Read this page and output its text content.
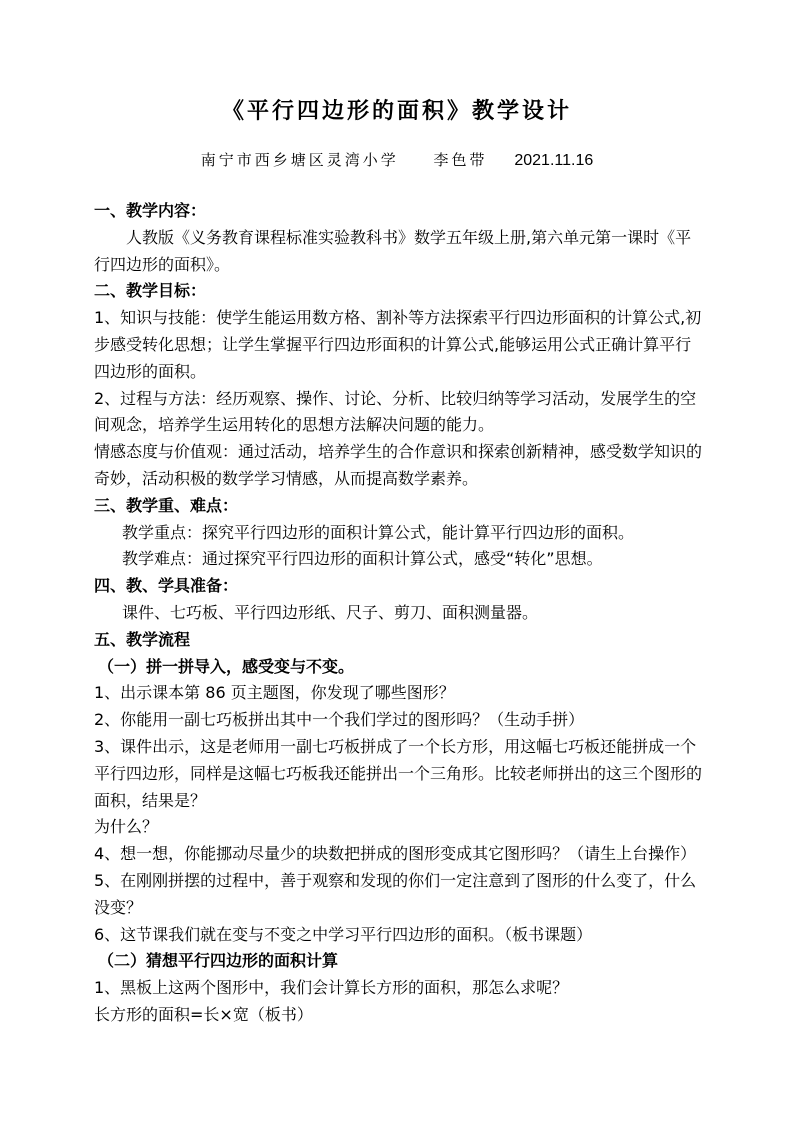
《平行四边形的面积》教学设计
南宁市西乡塘区灵湾小学 李色带 2021.11.16
一、教学内容：
人教版《义务教育课程标准实验教科书》数学五年级上册,第六单元第一课时《平
行四边形的面积》。
二、教学目标：
1、知识与技能：使学生能运用数方格、割补等方法探索平行四边形面积的计算公式,初
步感受转化思想；让学生掌握平行四边形面积的计算公式,能够运用公式正确计算平行
四边形的面积。
2、过程与方法：经历观察、操作、讨论、分析、比较归纳等学习活动，发展学生的空
间观念，培养学生运用转化的思想方法解决问题的能力。
情感态度与价值观：通过活动，培养学生的合作意识和探索创新精神，感受数学知识的
奇妙，活动积极的数学学习情感，从而提高数学素养。
三、教学重、难点：
教学重点：探究平行四边形的面积计算公式，能计算平行四边形的面积。
教学难点：通过探究平行四边形的面积计算公式，感受“转化”思想。
四、教、学具准备：
课件、七巧板、平行四边形纸、尺子、剪刀、面积测量器。
五、教学流程
（一）拼一拼导入，感受变与不变。
1、出示课本第 86 页主题图，你发现了哪些图形？
2、你能用一副七巧板拼出其中一个我们学过的图形吗？（生动手拼）
3、课件出示，这是老师用一副七巧板拼成了一个长方形，用这幅七巧板还能拼成一个
平行四边形，同样是这幅七巧板我还能拼出一个三角形。比较老师拼出的这三个图形的
面积，结果是？
为什么？
4、想一想，你能挪动尽量少的块数把拼成的图形变成其它图形吗？（请生上台操作）
5、在刚刚拼摆的过程中，善于观察和发现的你们一定注意到了图形的什么变了，什么
没变？
6、这节课我们就在变与不变之中学习平行四边形的面积。（板书课题）
（二）猜想平行四边形的面积计算
1、黑板上这两个图形中，我们会计算长方形的面积，那怎么求呢？
长方形的面积=长×宽（板书）
